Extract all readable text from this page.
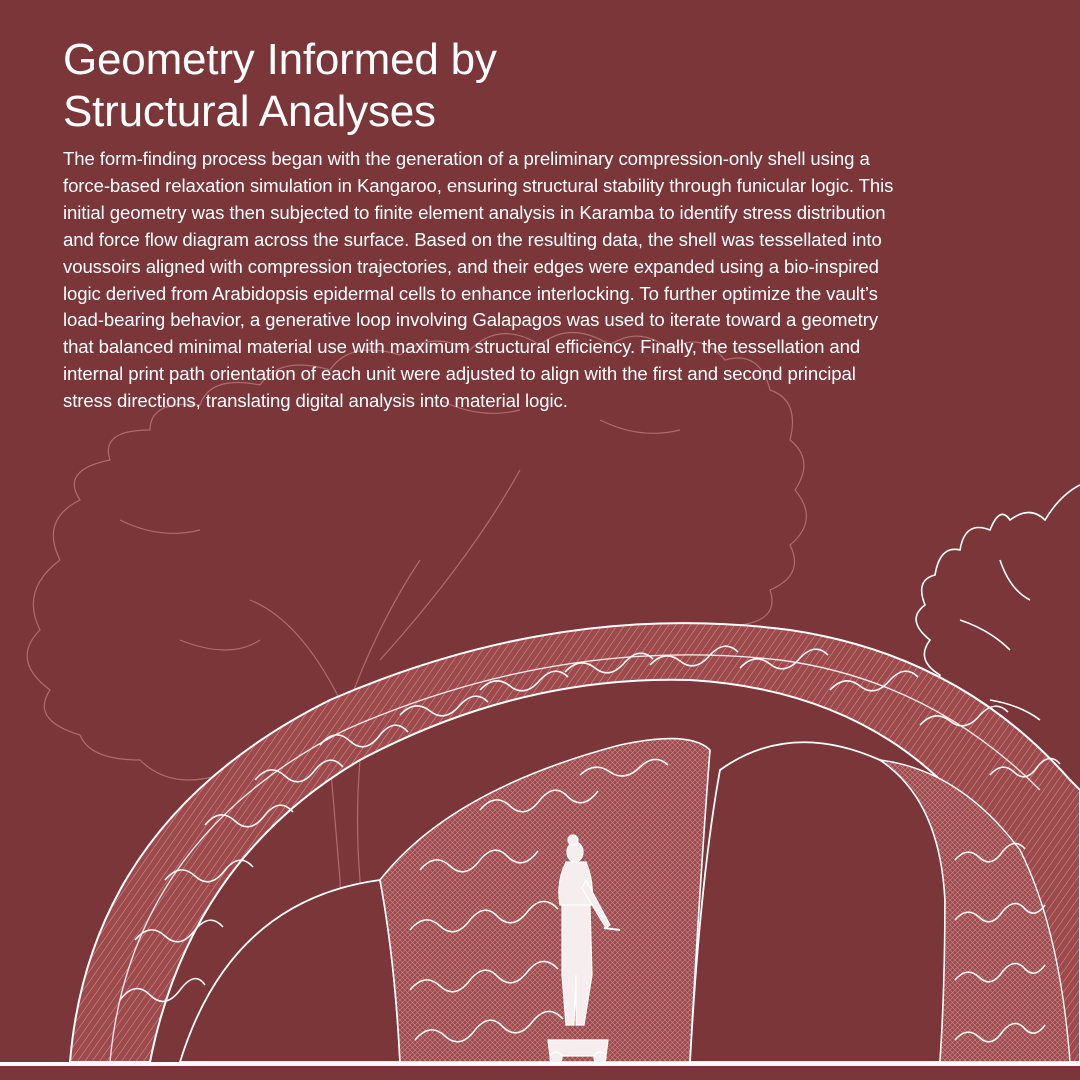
Geometry Informed by
Structural Analyses

The form-finding process began with the generation of a preliminary compression-only shell using a
force-based relaxation simulation in Kangaroo, ensuring structural stability through funicular logic. This
initial geometry was then subjected to finite element analysis in Karamba to identify stress distribution
and force flow diagram across the surface. Based on the resulting data, the shell was tessellated into
voussoirs aligned with compression trajectories, and their edges were expanded using a bio-inspired
logic derived from Arabidopsis epidermal cells to enhance interlocking. To further optimize the vault’s
load-bearing behavior, a generative loop involving Galapagos was used to iterate toward a geometry
that balanced minimal material use with maximum structural efficiency. Finally, the tessellation and
internal print path orientation of each unit were adjusted to align with the first and second principal
stress directions, translating digital analysis into material logic.
